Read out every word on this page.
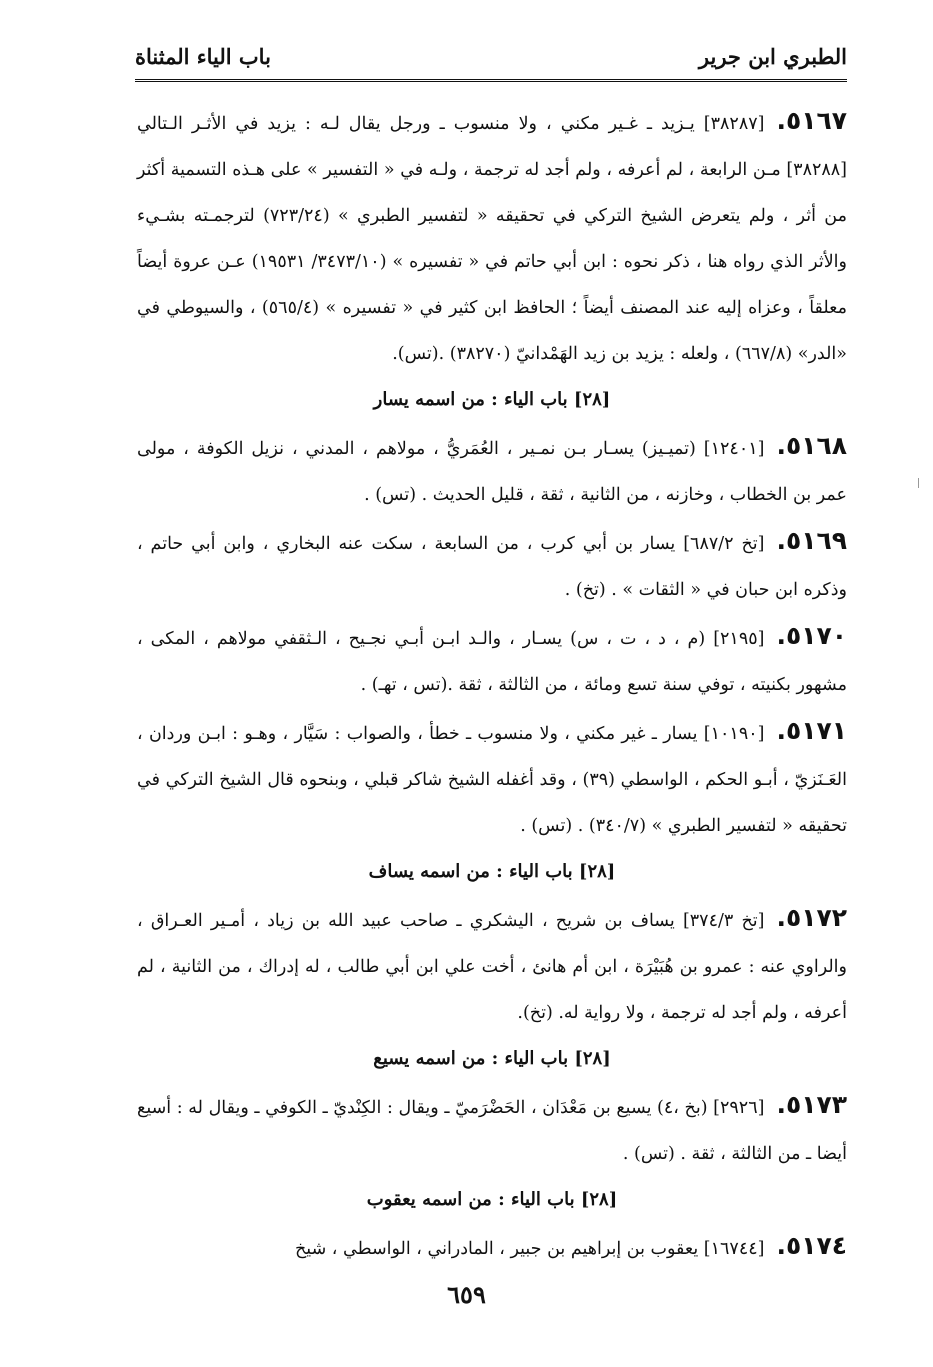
الطبري ابن جرير
باب الياء المثناة

٥١٦٧.[٣٨٢٨٧] يـزيد ـ غـير مكني ، ولا منسوب ـ ورجل يقال لـه : يزيد في الأثـر الـتالي [٣٨٢٨٨] مـن الرابعة ، لم أعرفه ، ولم أجد له ترجمة ، ولـه في « التفسير » على هـذه التسمية أكثر من أثر ، ولم يتعرض الشيخ التركي في تحقيقه « لتفسير الطبري » (٧٢٣/٢٤) لترجمـته بشـيء والأثر الذي رواه هنا ، ذكر نحوه : ابن أبي حاتم في « تفسيره » (٣٤٧٣/١٠/ ١٩٥٣١) عـن عروة أيضاً معلقاً ، وعزاه إليه عند المصنف أيضاً ؛ الحافظ ابن كثير في « تفسيره » (٥٦٥/٤) ، والسيوطي في «الدر» (٦٦٧/٨) ، ولعله : يزيد بن زيد الهَمْدانيّ (٣٨٢٧٠) .(تس).

[٢٨] باب الياء : من اسمه يسار

٥١٦٨.[١٢٤٠١] (تميـيز) يسـار بـن نمـير ، العُمَريُّ ، مولاهم ، المدني ، نزيل الكوفة ، مولى عمر بن الخطاب ، وخازنه ، من الثانية ، ثقة ، قليل الحديث . (تس) .

٥١٦٩.[تخ ٦٨٧/٢] يسار بن أبي كرب ، من السابعة ، سكت عنه البخاري ، وابن أبي حاتم ، وذكره ابن حبان في « الثقات » . (تخ) .

٥١٧٠.[٢١٩٥] (م ، د ، ت ، س) يسـار ، والـد ابـن أبـي نجـيح ، الـثقفي مولاهم ، المكى ، مشهور بكنيته ، توفي سنة تسع ومائة ، من الثالثة ، ثقة .(تس ، تهـ) .

٥١٧١.[١٠١٩٠] يسار ـ غير مكني ، ولا منسوب ـ خطأ ، والصواب : سَيَّار ، وهـو : ابـن وردان ، العَـنَزيّ ، أبـو الحكم ، الواسطي (٣٩) ، وقد أغفله الشيخ شاكر قبلي ، وبنحوه قال الشيخ التركي في تحقيقه « لتفسير الطبري » (٣٤٠/٧) . (تس) .

[٢٨] باب الياء : من اسمه يساف

٥١٧٢.[تخ ٣٧٤/٣] يساف بن شريح ، اليشكري ـ صاحب عبيد الله بن زياد ، أمـير العـراق ، والراوي عنه : عمرو بن هُبَيْرَة ، ابن أم هانئ ، أخت علي ابن أبي طالب ، له إدراك ، من الثانية ، لم أعرفه ، ولم أجد له ترجمة ، ولا رواية له. (تخ).

[٢٨] باب الياء : من اسمه يسيع

٥١٧٣.[٢٩٢٦] (بخ ،٤) يسيع بن مَعْدَان ، الحَضْرَميّ ـ ويقال : الكِنْديّ ـ الكوفي ـ ويقال له : أسيع أيضا ـ من الثالثة ، ثقة . (تس) .

[٢٨] باب الياء : من اسمه يعقوب

٥١٧٤.[١٦٧٤٤] يعقوب بن إبراهيم بن جبير ، المادراني ، الواسطي ، شيخ

٦٥٩
